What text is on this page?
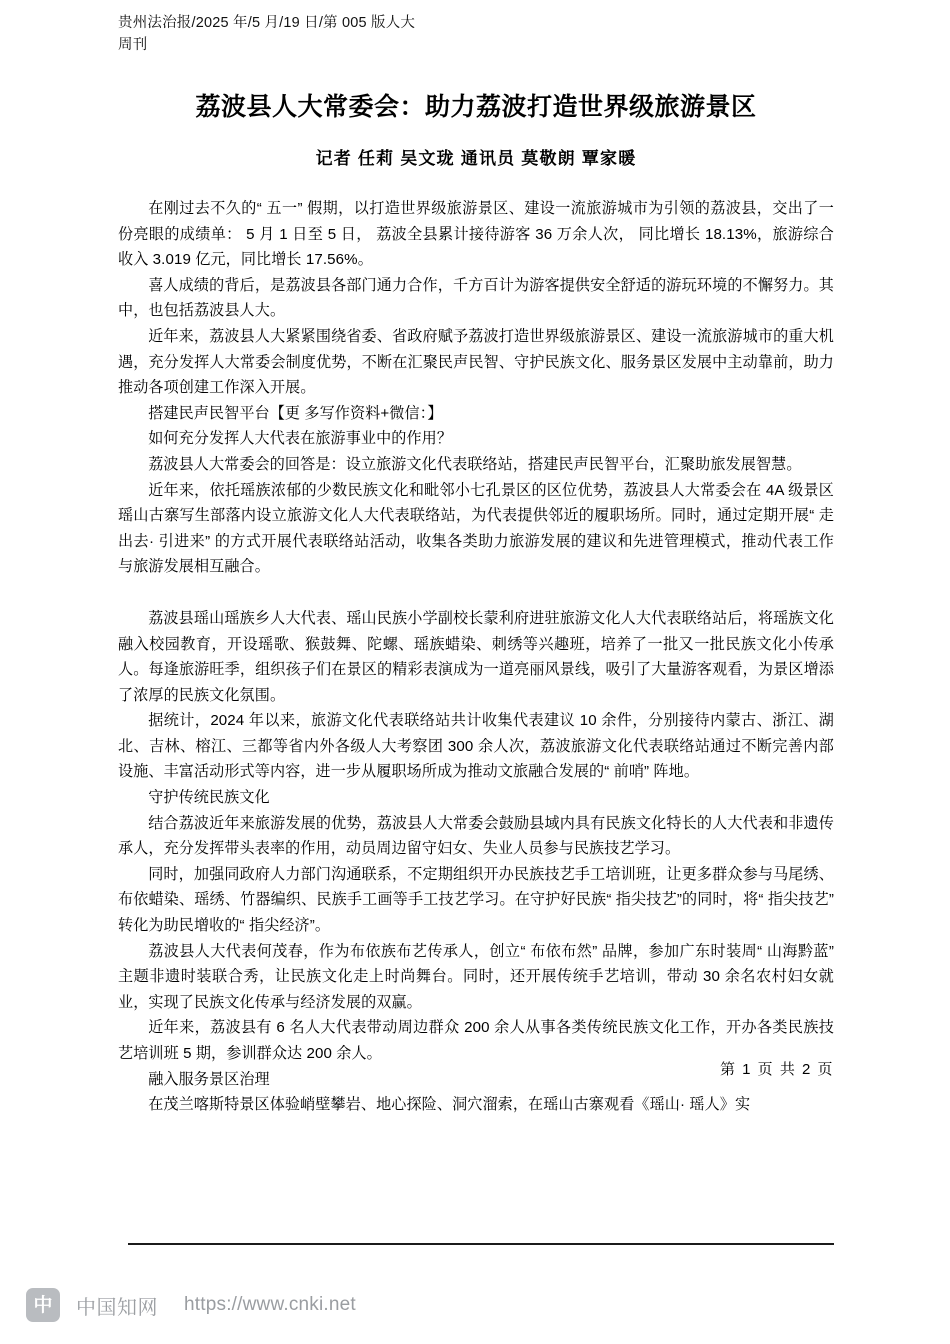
贵州法治报/2025 年/5 月/19 日/第 005 版人大周刊
荔波县人大常委会：助力荔波打造世界级旅游景区
记者 任莉 吴文珑 通讯员 莫敬朗 覃家暖

在刚过去不久的“ 五一” 假期，以打造世界级旅游景区、建设一流旅游城市为引领的荔波县，交出了一份亮眼的成绩单： 5 月 1 日至 5 日， 荔波全县累计接待游客 36 万余人次， 同比增长 18.13%，旅游综合收入 3.019 亿元，同比增长 17.56%。

喜人成绩的背后，是荔波县各部门通力合作，千方百计为游客提供安全舒适的游玩环境的不懈努力。其中，也包括荔波县人大。

近年来，荔波县人大紧紧围绕省委、省政府赋予荔波打造世界级旅游景区、建设一流旅游城市的重大机遇，充分发挥人大常委会制度优势，不断在汇聚民声民智、守护民族文化、服务景区发展中主动靠前，助力推动各项创建工作深入开展。

搭建民声民智平台【更 多写作资料+微信：】

如何充分发挥人大代表在旅游事业中的作用？

荔波县人大常委会的回答是：设立旅游文化代表联络站，搭建民声民智平台，汇聚助旅发展智慧。

近年来，依托瑶族浓郁的少数民族文化和毗邻小七孔景区的区位优势，荔波县人大常委会在 4A 级景区瑶山古寨写生部落内设立旅游文化人大代表联络站，为代表提供邻近的履职场所。同时，通过定期开展“ 走出去· 引进来” 的方式开展代表联络站活动，收集各类助力旅游发展的建议和先进管理模式，推动代表工作与旅游发展相互融合。

荔波县瑶山瑶族乡人大代表、瑶山民族小学副校长蒙利府进驻旅游文化人大代表联络站后，将瑶族文化融入校园教育，开设瑶歌、猴鼓舞、陀螺、瑶族蜡染、刺绣等兴趣班，培养了一批又一批民族文化小传承人。每逢旅游旺季，组织孩子们在景区的精彩表演成为一道亮丽风景线，吸引了大量游客观看，为景区增添了浓厚的民族文化氛围。

据统计，2024 年以来，旅游文化代表联络站共计收集代表建议 10 余件，分别接待内蒙古、浙江、湖北、吉林、榕江、三都等省内外各级人大考察团 300 余人次，荔波旅游文化代表联络站通过不断完善内部设施、丰富活动形式等内容，进一步从履职场所成为推动文旅融合发展的“ 前哨” 阵地。

守护传统民族文化

结合荔波近年来旅游发展的优势，荔波县人大常委会鼓励县域内具有民族文化特长的人大代表和非遗传承人，充分发挥带头表率的作用，动员周边留守妇女、失业人员参与民族技艺学习。

同时，加强同政府人力部门沟通联系，不定期组织开办民族技艺手工培训班，让更多群众参与马尾绣、布依蜡染、瑶绣、竹器编织、民族手工画等手工技艺学习。在守护好民族“ 指尖技艺”的同时，将“ 指尖技艺” 转化为助民增收的“ 指尖经济”。

荔波县人大代表何茂春，作为布依族布艺传承人，创立“ 布依布然” 品牌，参加广东时装周“ 山海黔蓝” 主题非遗时装联合秀，让民族文化走上时尚舞台。同时，还开展传统手艺培训，带动 30 余名农村妇女就业，实现了民族文化传承与经济发展的双赢。

近年来，荔波县有 6 名人大代表带动周边群众 200 余人从事各类传统民族文化工作，开办各类民族技艺培训班 5 期，参训群众达 200 余人。

融入服务景区治理

在茂兰喀斯特景区体验峭壁攀岩、地心探险、洞穴溜索，在瑶山古寨观看《瑶山· 瑶人》实

第 1 页 共 2 页
中 中国知网 https://www.cnki.net
